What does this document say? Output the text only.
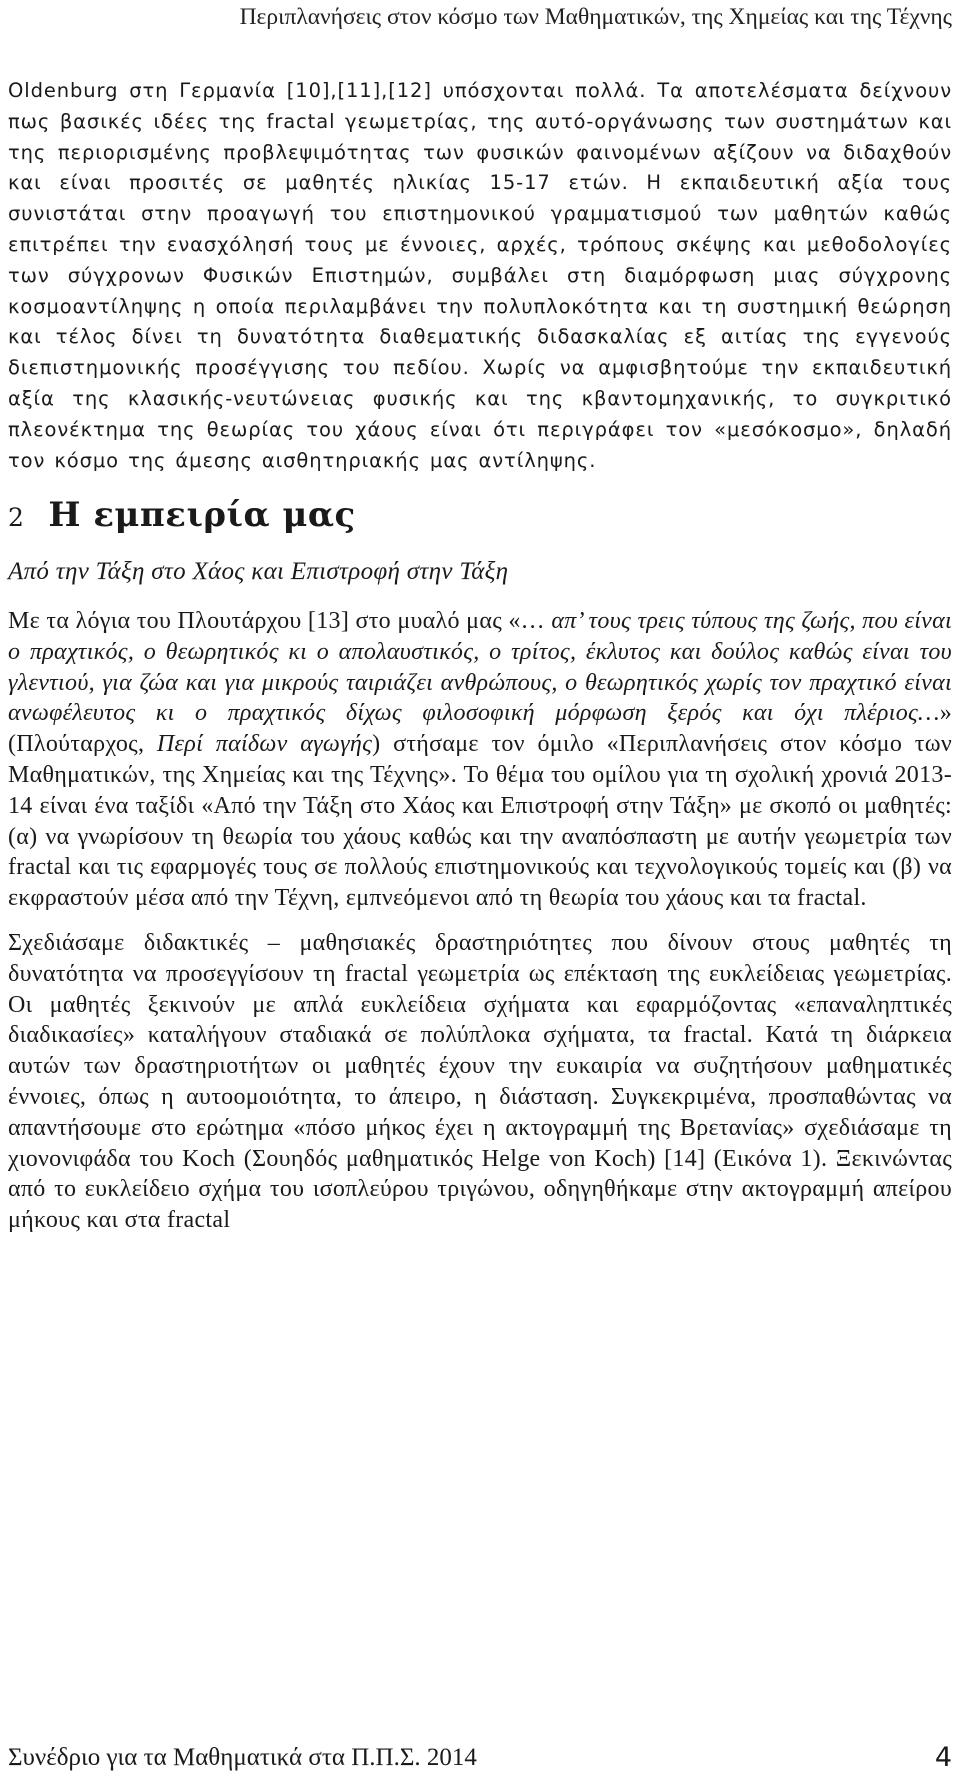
Περιπλανήσεις στον κόσμο των Μαθηματικών, της Χημείας και της Τέχνης

Oldenburg στη Γερμανία [10],[11],[12] υπόσχονται πολλά. Τα αποτελέσματα δείχνουν πως βασικές ιδέες της fractal γεωμετρίας, της αυτό-οργάνωσης των συστημάτων και της περιορισμένης προβλεψιμότητας των φυσικών φαινομένων αξίζουν να διδαχθούν και είναι προσιτές σε μαθητές ηλικίας 15-17 ετών. Η εκπαιδευτική αξία τους συνιστάται στην προαγωγή του επιστημονικού γραμματισμού των μαθητών καθώς επιτρέπει την ενασχόλησή τους με έννοιες, αρχές, τρόπους σκέψης και μεθοδολογίες των σύγχρονων Φυσικών Επιστημών, συμβάλει στη διαμόρφωση μιας σύγχρονης κοσμοαντίληψης η οποία περιλαμβάνει την πολυπλοκότητα και τη συστημική θεώρηση και τέλος δίνει τη δυνατότητα διαθεματικής διδασκαλίας εξ αιτίας της εγγενούς διεπιστημονικής προσέγγισης του πεδίου. Χωρίς να αμφισβητούμε την εκπαιδευτική αξία της κλασικής-νευτώνειας φυσικής και της κβαντομηχανικής, το συγκριτικό πλεονέκτημα της θεωρίας του χάους είναι ότι περιγράφει τον «μεσόκοσμο», δηλαδή τον κόσμο της άμεσης αισθητηριακής μας αντίληψης.

2 Η εμπειρία μας
Από την Τάξη στο Χάος και Επιστροφή στην Τάξη

Με τα λόγια του Πλουτάρχου [13] στο μυαλό μας «… απ’ τους τρεις τύπους της ζωής, που είναι ο πραχτικός, ο θεωρητικός κι ο απολαυστικός, ο τρίτος, έκλυτος και δούλος καθώς είναι του γλεντιού, για ζώα και για μικρούς ταιριάζει ανθρώπους, ο θεωρητικός χωρίς τον πραχτικό είναι ανωφέλευτος κι ο πραχτικός δίχως φιλοσοφική μόρφωση ξερός και όχι πλέριος…» (Πλούταρχος, Περί παίδων αγωγής) στήσαμε τον όμιλο «Περιπλανήσεις στον κόσμο των Μαθηματικών, της Χημείας και της Τέχνης». Το θέμα του ομίλου για τη σχολική χρονιά 2013-14 είναι ένα ταξίδι «Από την Τάξη στο Χάος και Επιστροφή στην Τάξη» με σκοπό οι μαθητές: (α) να γνωρίσουν τη θεωρία του χάους καθώς και την αναπόσπαστη με αυτήν γεωμετρία των fractal και τις εφαρμογές τους σε πολλούς επιστημονικούς και τεχνολογικούς τομείς και (β) να εκφραστούν μέσα από την Τέχνη, εμπνεόμενοι από τη θεωρία του χάους και τα fractal.

Σχεδιάσαμε διδακτικές – μαθησιακές δραστηριότητες που δίνουν στους μαθητές τη δυνατότητα να προσεγγίσουν τη fractal γεωμετρία ως επέκταση της ευκλείδειας γεωμετρίας. Οι μαθητές ξεκινούν με απλά ευκλείδεια σχήματα και εφαρμόζοντας «επαναληπτικές διαδικασίες» καταλήγουν σταδιακά σε πολύπλοκα σχήματα, τα fractal. Κατά τη διάρκεια αυτών των δραστηριοτήτων οι μαθητές έχουν την ευκαιρία να συζητήσουν μαθηματικές έννοιες, όπως η αυτοομοιότητα, το άπειρο, η διάσταση. Συγκεκριμένα, προσπαθώντας να απαντήσουμε στο ερώτημα «πόσο μήκος έχει η ακτογραμμή της Βρετανίας» σχεδιάσαμε τη χιονονιφάδα του Koch (Σουηδός μαθηματικός Helge von Koch) [14] (Εικόνα 1). Ξεκινώντας από το ευκλείδειο σχήμα του ισοπλεύρου τριγώνου, οδηγηθήκαμε στην ακτογραμμή απείρου μήκους και στα fractal

Συνέδριο για τα Μαθηματικά στα Π.Π.Σ. 2014	4
